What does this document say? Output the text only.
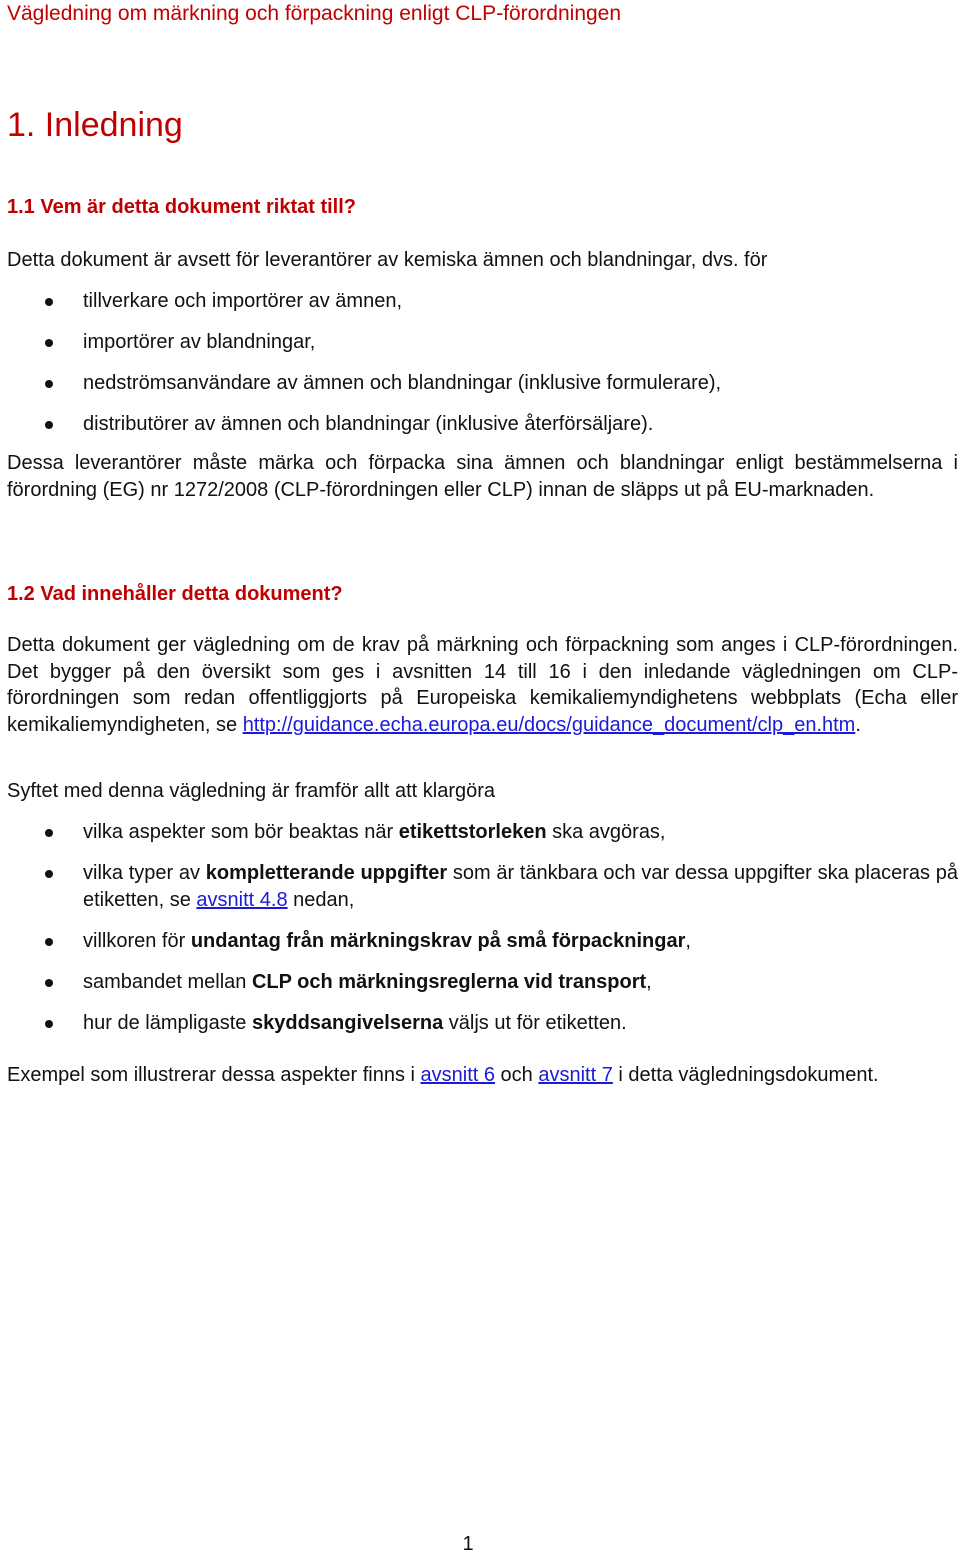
Vägledning om märkning och förpackning enligt CLP-förordningen
1. Inledning
1.1 Vem är detta dokument riktat till?
Detta dokument är avsett för leverantörer av kemiska ämnen och blandningar, dvs. för
tillverkare och importörer av ämnen,
importörer av blandningar,
nedströmsanvändare av ämnen och blandningar (inklusive formulerare),
distributörer av ämnen och blandningar (inklusive återförsäljare).
Dessa leverantörer måste märka och förpacka sina ämnen och blandningar enligt bestämmelserna i förordning (EG) nr 1272/2008 (CLP-förordningen eller CLP) innan de släpps ut på EU-marknaden.
1.2 Vad innehåller detta dokument?
Detta dokument ger vägledning om de krav på märkning och förpackning som anges i CLP-förordningen. Det bygger på den översikt som ges i avsnitten 14 till 16 i den inledande vägledningen om CLP-förordningen som redan offentliggjorts på Europeiska kemikaliemyndighetens webbplats (Echa eller kemikaliemyndigheten, se http://guidance.echa.europa.eu/docs/guidance_document/clp_en.htm.
Syftet med denna vägledning är framför allt att klargöra
vilka aspekter som bör beaktas när etikettstorleken ska avgöras,
vilka typer av kompletterande uppgifter som är tänkbara och var dessa uppgifter ska placeras på etiketten, se avsnitt 4.8 nedan,
villkoren för undantag från märkningskrav på små förpackningar,
sambandet mellan CLP och märkningsreglerna vid transport,
hur de lämpligaste skyddsangivelserna väljs ut för etiketten.
Exempel som illustrerar dessa aspekter finns i avsnitt 6 och avsnitt 7 i detta vägledningsdokument.
1
